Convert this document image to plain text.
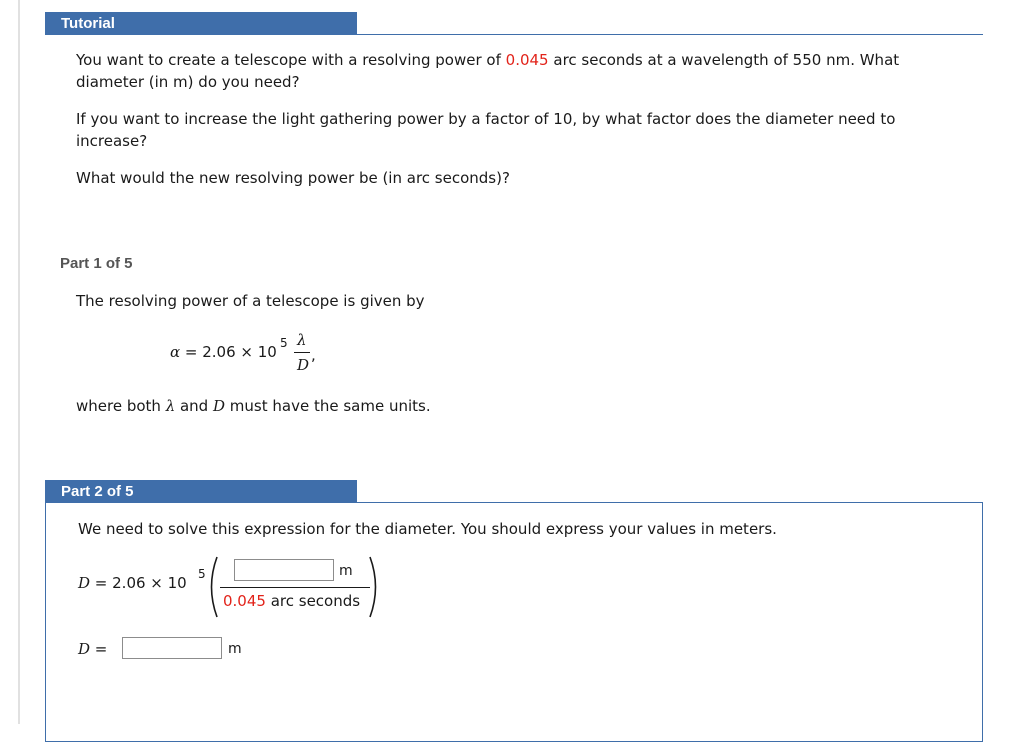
Tutorial
You want to create a telescope with a resolving power of 0.045 arc seconds at a wavelength of 550 nm. What
diameter (in m) do you need?
If you want to increase the light gathering power by a factor of 10, by what factor does the diameter need to
increase?
What would the new resolving power be (in arc seconds)?
Part 1 of 5
The resolving power of a telescope is given by
α = 2.06 × 10 5 λ
D
,
where both λ and D must have the same units.
Part 2 of 5
We need to solve this expression for the diameter. You should express your values in meters.
D = 2.06 × 10 5	m
0.045 arc seconds
D =	m
